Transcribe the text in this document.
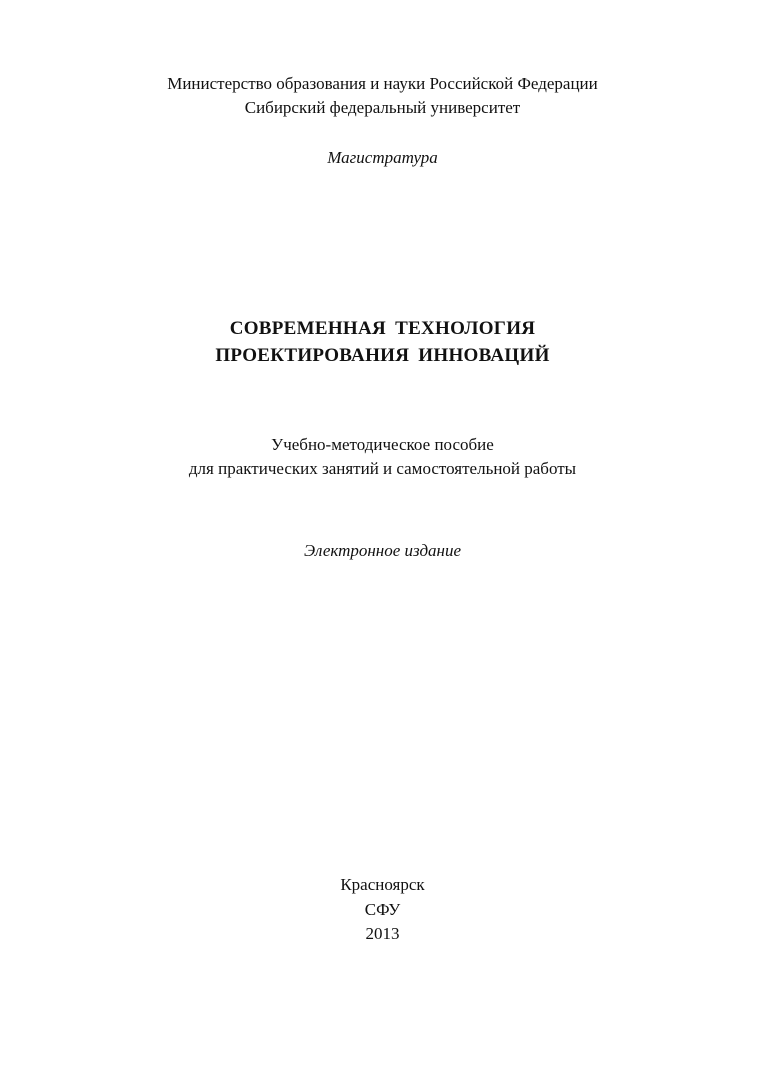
Министерство образования и науки Российской Федерации
Сибирский федеральный университет
Магистратура
СОВРЕМЕННАЯ ТЕХНОЛОГИЯ
ПРОЕКТИРОВАНИЯ ИННОВАЦИЙ
Учебно-методическое пособие
для практических занятий и самостоятельной работы
Электронное издание
Красноярск
СФУ
2013
